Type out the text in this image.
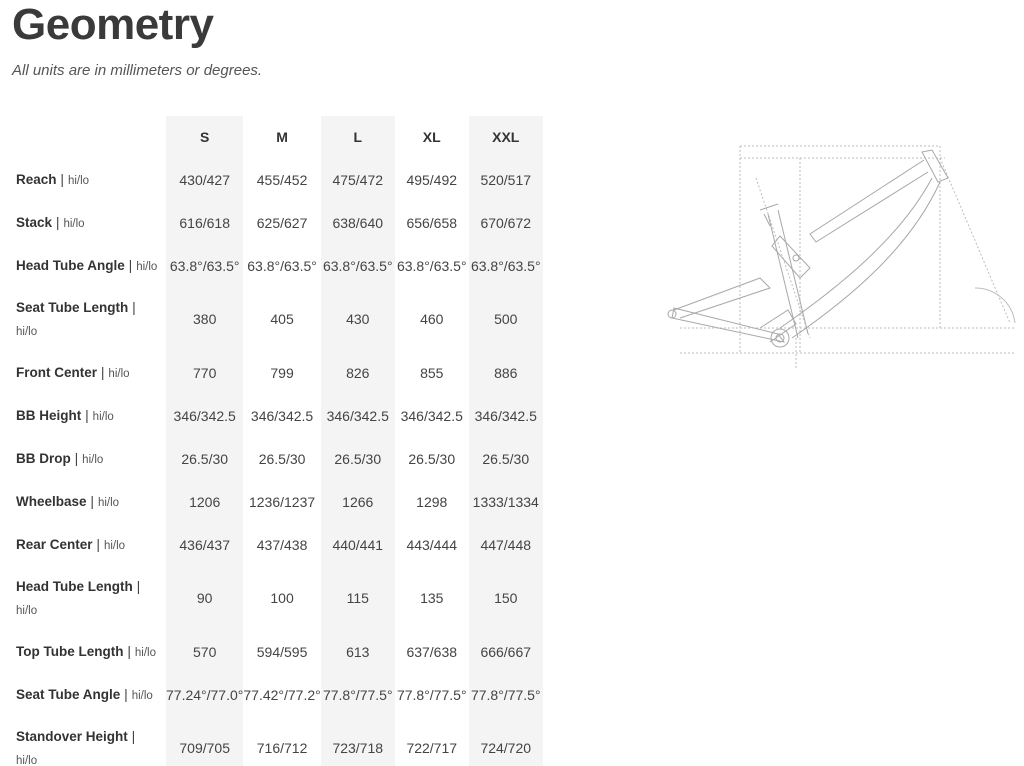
Geometry
All units are in millimeters or degrees.
	S	M	L	XL	XXL
Reach | hi/lo	430/427	455/452	475/472	495/492	520/517
Stack | hi/lo	616/618	625/627	638/640	656/658	670/672
Head Tube Angle | hi/lo	63.8°/63.5°	63.8°/63.5°	63.8°/63.5°	63.8°/63.5°	63.8°/63.5°
Seat Tube Length |
hi/lo	380	405	430	460	500
Front Center | hi/lo	770	799	826	855	886
BB Height | hi/lo	346/342.5	346/342.5	346/342.5	346/342.5	346/342.5
BB Drop | hi/lo	26.5/30	26.5/30	26.5/30	26.5/30	26.5/30
Wheelbase | hi/lo	1206	1236/1237	1266	1298	1333/1334
Rear Center | hi/lo	436/437	437/438	440/441	443/444	447/448
Head Tube Length |
hi/lo	90	100	115	135	150
Top Tube Length | hi/lo	570	594/595	613	637/638	666/667
Seat Tube Angle | hi/lo	77.24°/77.0°	77.42°/77.2°	77.8°/77.5°	77.8°/77.5°	77.8°/77.5°
Standover Height |
hi/lo	709/705	716/712	723/718	722/717	724/720
